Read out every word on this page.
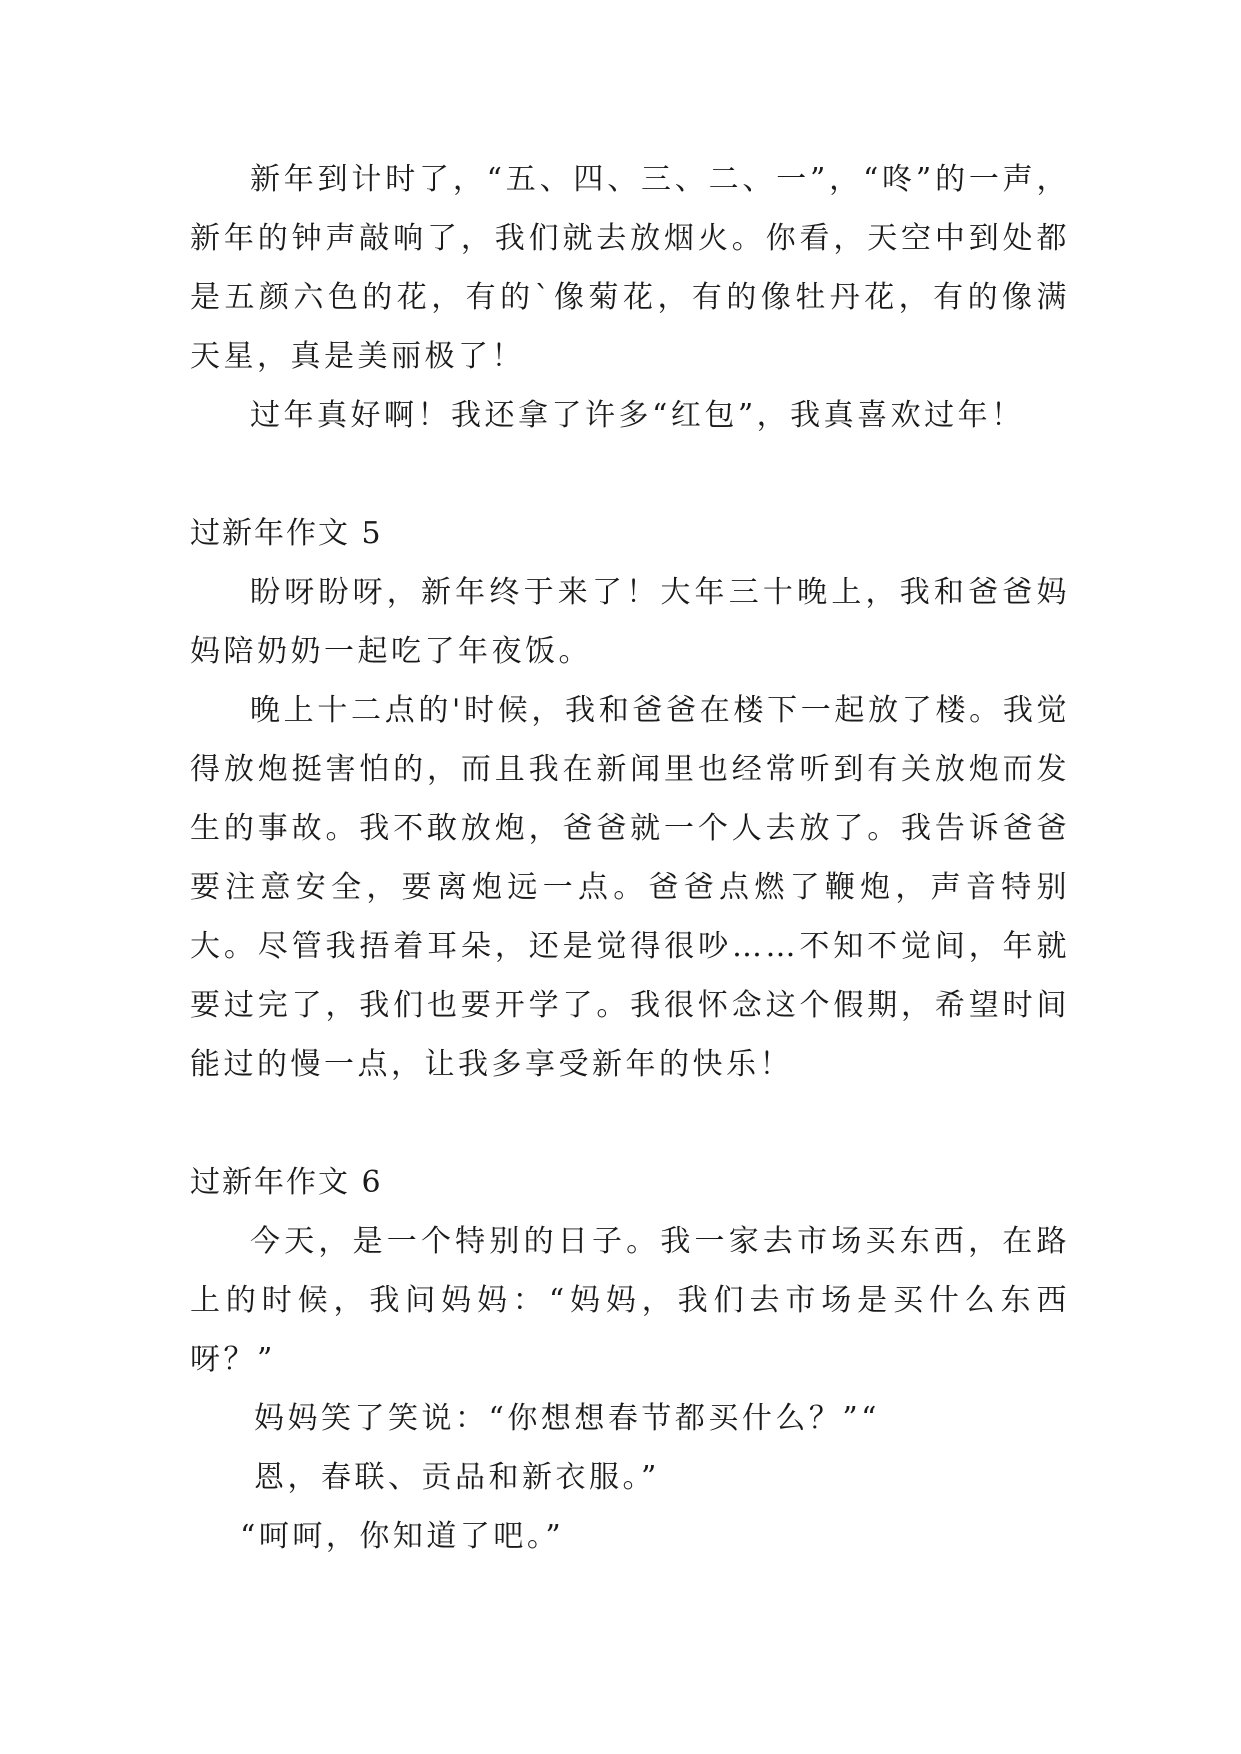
新年到计时了，“五、四、三、二、一”，“咚”的一声，新年的钟声敲响了，我们就去放烟火。你看，天空中到处都是五颜六色的花，有的`像菊花，有的像牡丹花，有的像满天星，真是美丽极了！

过年真好啊！我还拿了许多“红包”，我真喜欢过年！

过新年作文 5

盼呀盼呀，新年终于来了！大年三十晚上，我和爸爸妈妈陪奶奶一起吃了年夜饭。

晚上十二点的'时候，我和爸爸在楼下一起放了楼。我觉得放炮挺害怕的，而且我在新闻里也经常听到有关放炮而发生的事故。我不敢放炮，爸爸就一个人去放了。我告诉爸爸要注意安全，要离炮远一点。爸爸点燃了鞭炮，声音特别大。尽管我捂着耳朵，还是觉得很吵……不知不觉间，年就要过完了，我们也要开学了。我很怀念这个假期，希望时间能过的慢一点，让我多享受新年的快乐！

过新年作文 6

今天，是一个特别的日子。我一家去市场买东西，在路上的时候，我问妈妈：“妈妈，我们去市场是买什么东西呀？”

妈妈笑了笑说：“你想想春节都买什么？”“

恩，春联、贡品和新衣服。”

“呵呵，你知道了吧。”
